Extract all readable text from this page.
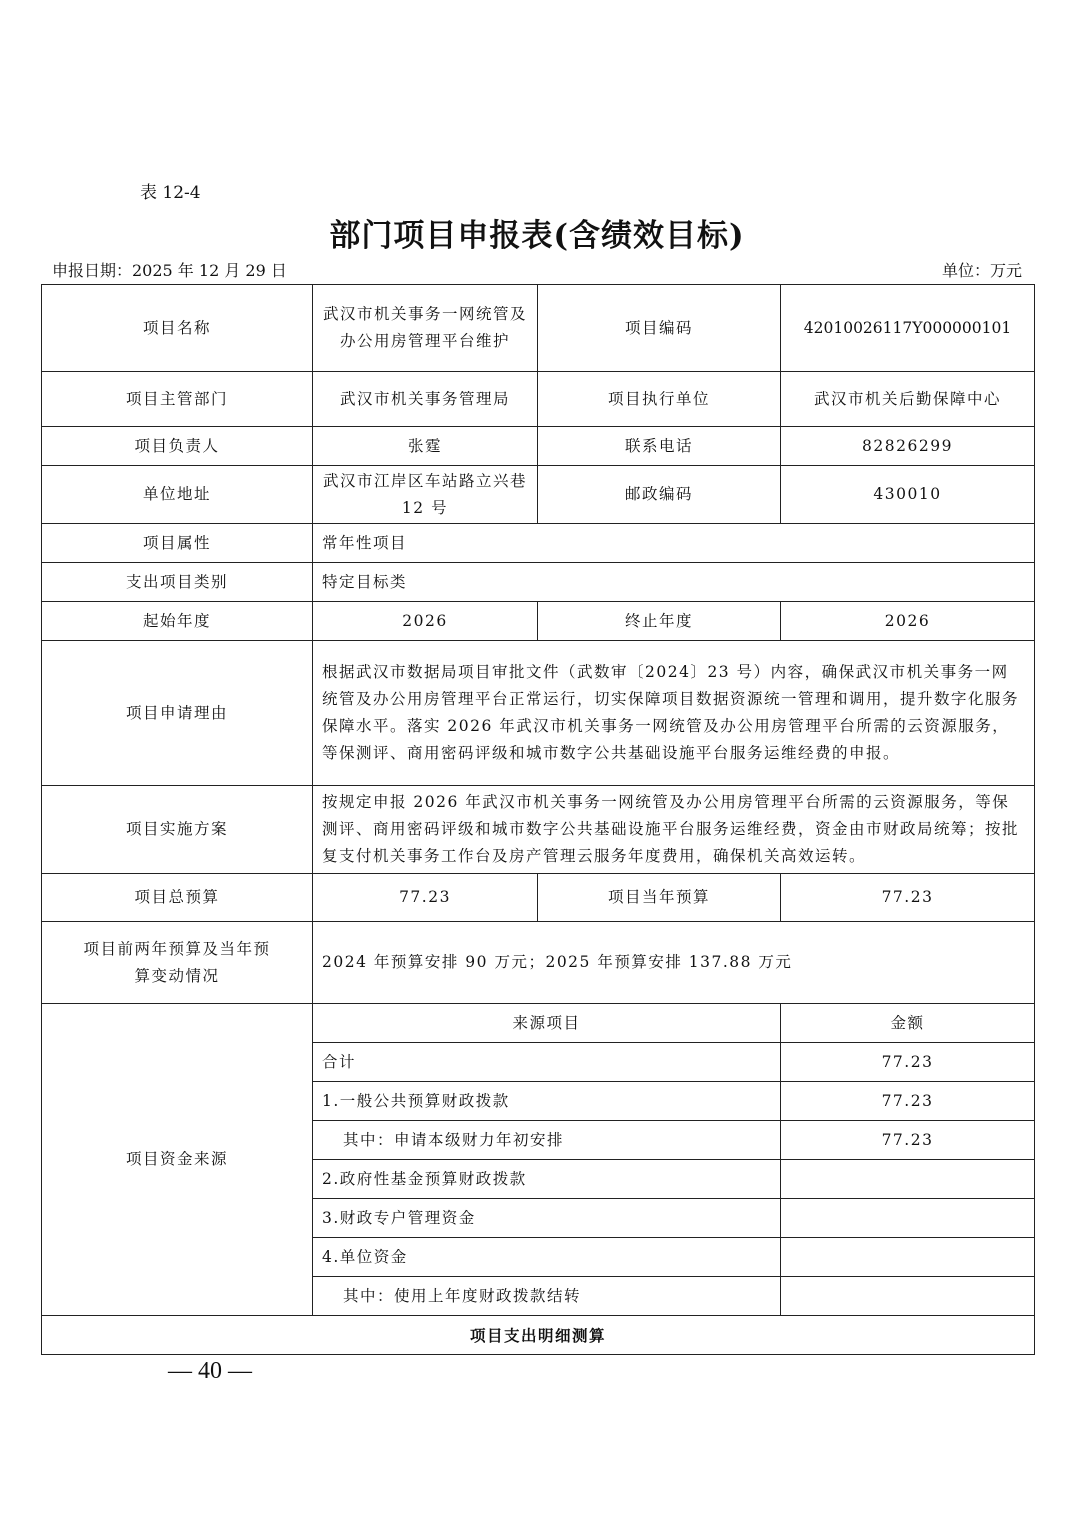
表 12-4
部门项目申报表(含绩效目标)
申报日期：2025 年 12 月 29 日	单位：万元
项目名称	武汉市机关事务一网统管及办公用房管理平台维护	项目编码	42010026117Y000000101
项目主管部门	武汉市机关事务管理局	项目执行单位	武汉市机关后勤保障中心
项目负责人	张霆	联系电话	82826299
单位地址	武汉市江岸区车站路立兴巷 12 号	邮政编码	430010
项目属性	常年性项目		
支出项目类别	特定目标类		
起始年度	2026	终止年度	2026
项目申请理由	根据武汉市数据局项目审批文件（武数审〔2024〕23 号）内容，确保武汉市机关事务一网统管及办公用房管理平台正常运行，切实保障项目数据资源统一管理和调用，提升数字化服务保障水平。落实 2026 年武汉市机关事务一网统管及办公用房管理平台所需的云资源服务，等保测评、商用密码评级和城市数字公共基础设施平台服务运维经费的申报。		
项目实施方案	按规定申报 2026 年武汉市机关事务一网统管及办公用房管理平台所需的云资源服务，等保测评、商用密码评级和城市数字公共基础设施平台服务运维经费，资金由市财政局统筹；按批复支付机关事务工作台及房产管理云服务年度费用，确保机关高效运转。		
项目总预算	77.23	项目当年预算	77.23
项目前两年预算及当年预算变动情况	2024 年预算安排 90 万元；2025 年预算安排 137.88 万元		
项目资金来源	来源项目		金额
	合计		77.23
	1.一般公共预算财政拨款		77.23
	其中：申请本级财力年初安排		77.23
	2.政府性基金预算财政拨款		
	3.财政专户管理资金		
	4.单位资金		
	其中：使用上年度财政拨款结转		
项目支出明细测算			
— 40 —
